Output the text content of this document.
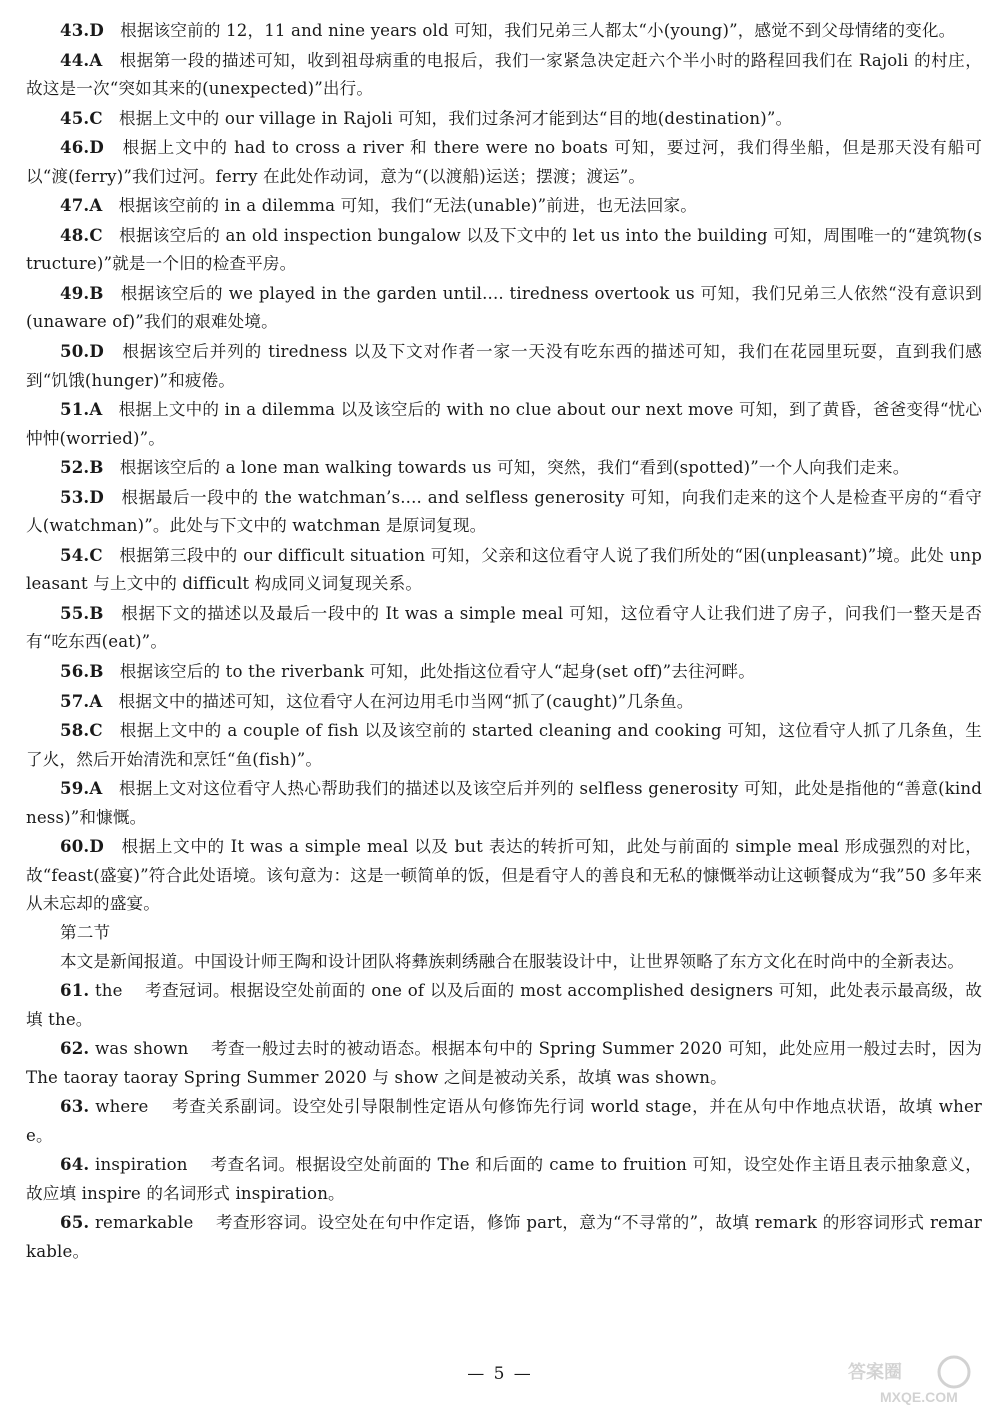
43.D 根据该空前的 12，11 and nine years old 可知，我们兄弟三人都太“小(young)”，感觉不到父母情绪的变化。
44.A 根据第一段的描述可知，收到祖母病重的电报后，我们一家紧急决定赶六个半小时的路程回我们在 Rajoli 的村庄，故这是一次“突如其来的(unexpected)”出行。
45.C 根据上文中的 our village in Rajoli 可知，我们过条河才能到达“目的地(destination)”。
46.D 根据上文中的 had to cross a river 和 there were no boats 可知，要过河，我们得坐船，但是那天没有船可以“渡(ferry)”我们过河。ferry 在此处作动词，意为“(以渡船)运送；摆渡；渡运”。
47.A 根据该空前的 in a dilemma 可知，我们“无法(unable)”前进，也无法回家。
48.C 根据该空后的 an old inspection bungalow 以及下文中的 let us into the building 可知，周围唯一的“建筑物(structure)”就是一个旧的检查平房。
49.B 根据该空后的 we played in the garden until.... tiredness overtook us 可知，我们兄弟三人依然“没有意识到(unaware of)”我们的艰难处境。
50.D 根据该空后并列的 tiredness 以及下文对作者一家一天没有吃东西的描述可知，我们在花园里玩耍，直到我们感到“饥饿(hunger)”和疲倦。
51.A 根据上文中的 in a dilemma 以及该空后的 with no clue about our next move 可知，到了黄昏，爸爸变得“忧心忡忡(worried)”。
52.B 根据该空后的 a lone man walking towards us 可知，突然，我们“看到(spotted)”一个人向我们走来。
53.D 根据最后一段中的 the watchman’s.... and selfless generosity 可知，向我们走来的这个人是检查平房的“看守人(watchman)”。此处与下文中的 watchman 是原词复现。
54.C 根据第三段中的 our difficult situation 可知，父亲和这位看守人说了我们所处的“困(unpleasant)”境。此处 unpleasant 与上文中的 difficult 构成同义词复现关系。
55.B 根据下文的描述以及最后一段中的 It was a simple meal 可知，这位看守人让我们进了房子，问我们一整天是否有“吃东西(eat)”。
56.B 根据该空后的 to the riverbank 可知，此处指这位看守人“起身(set off)”去往河畔。
57.A 根据文中的描述可知，这位看守人在河边用毛巾当网“抓了(caught)”几条鱼。
58.C 根据上文中的 a couple of fish 以及该空前的 started cleaning and cooking 可知，这位看守人抓了几条鱼，生了火，然后开始清洗和烹饪“鱼(fish)”。
59.A 根据上文对这位看守人热心帮助我们的描述以及该空后并列的 selfless generosity 可知，此处是指他的“善意(kindness)”和慷慨。
60.D 根据上文中的 It was a simple meal 以及 but 表达的转折可知，此处与前面的 simple meal 形成强烈的对比，故“feast(盛宴)”符合此处语境。该句意为：这是一顿简单的饭，但是看守人的善良和无私的慷慨举动让这顿餐成为“我”50 多年来从未忘却的盛宴。
第二节
本文是新闻报道。中国设计师王陶和设计团队将彝族刺绣融合在服装设计中，让世界领略了东方文化在时尚中的全新表达。
61. the 考查冠词。根据设空处前面的 one of 以及后面的 most accomplished designers 可知，此处表示最高级，故填 the。
62. was shown 考查一般过去时的被动语态。根据本句中的 Spring Summer 2020 可知，此处应用一般过去时，因为 The taoray taoray Spring Summer 2020 与 show 之间是被动关系，故填 was shown。
63. where 考查关系副词。设空处引导限制性定语从句修饰先行词 world stage，并在从句中作地点状语，故填 where。
64. inspiration 考查名词。根据设空处前面的 The 和后面的 came to fruition 可知，设空处作主语且表示抽象意义，故应填 inspire 的名词形式 inspiration。
65. remarkable 考查形容词。设空处在句中作定语，修饰 part，意为“不寻常的”，故填 remark 的形容词形式 remarkable。
— 5 —	答案圈
MXQE.COM
